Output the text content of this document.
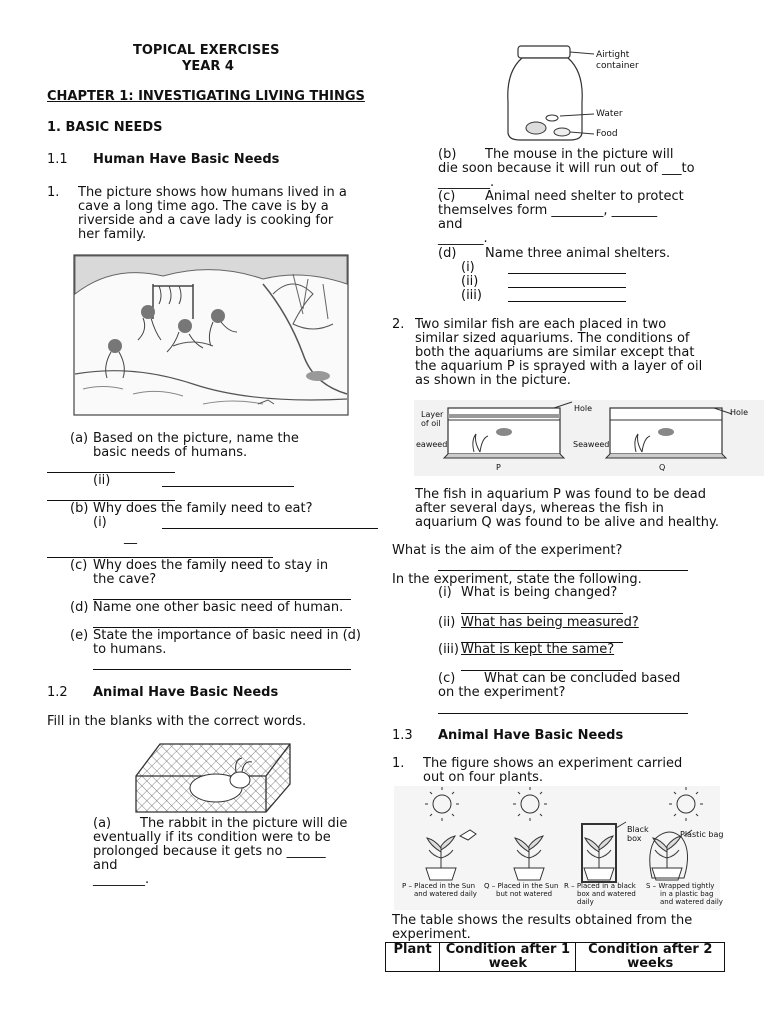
TOPICAL EXERCISES
YEAR 4
CHAPTER 1: INVESTIGATING LIVING THINGS
1. BASIC NEEDS
1.1 Human Have Basic Needs
1. The picture shows how humans lived in a
cave a long time ago. The cave is by a
riverside and a cave lady is cooking for
her family.
(a) Based on the picture, name the
basic needs of humans.
(ii)
(b) Why does the family need to eat?
(i)
__
(c) Why does the family need to stay in
the cave?
(d) Name one other basic need of human.
(e) State the importance of basic need in (d)
to humans.
1.2 Animal Have Basic Needs
Fill in the blanks with the correct words.
(a) The rabbit in the picture will die
eventually if its condition were to be
prolonged because it gets no ______
and
________.
Airtight
container
Water
Food
(b) The mouse in the picture will
die soon because it will run out of ___to
________.
(c) Animal need shelter to protect
themselves form ________, _______
and
_______.
(d) Name three animal shelters.
(i)
(ii)
(iii)
2. Two similar fish are each placed in two
similar sized aquariums. The conditions of
both the aquariums are similar except that
the aquarium P is sprayed with a layer of oil
as shown in the picture.
Layer
of oil
eaweed
Hole
P
Seaweed
Hole
Q
The fish in aquarium P was found to be dead
after several days, whereas the fish in
aquarium Q was found to be alive and healthy.
What is the aim of the experiment?
In the experiment, state the following.
(i) What is being changed?
(ii) What has being measured?
(iii) What is kept the same?
(c) What can be concluded based
on the experiment?
1.3 Animal Have Basic Needs
1. The figure shows an experiment carried
out on four plants.
Black
box	Plastic bag
P – Placed in the Sun
and watered daily
Q – Placed in the Sun
but not watered
R – Placed in a black
box and watered
daily
S – Wrapped tightly
in a plastic bag
and watered daily
The table shows the results obtained from the
experiment.
Plant	Condition after 1 week	Condition after 2 weeks
